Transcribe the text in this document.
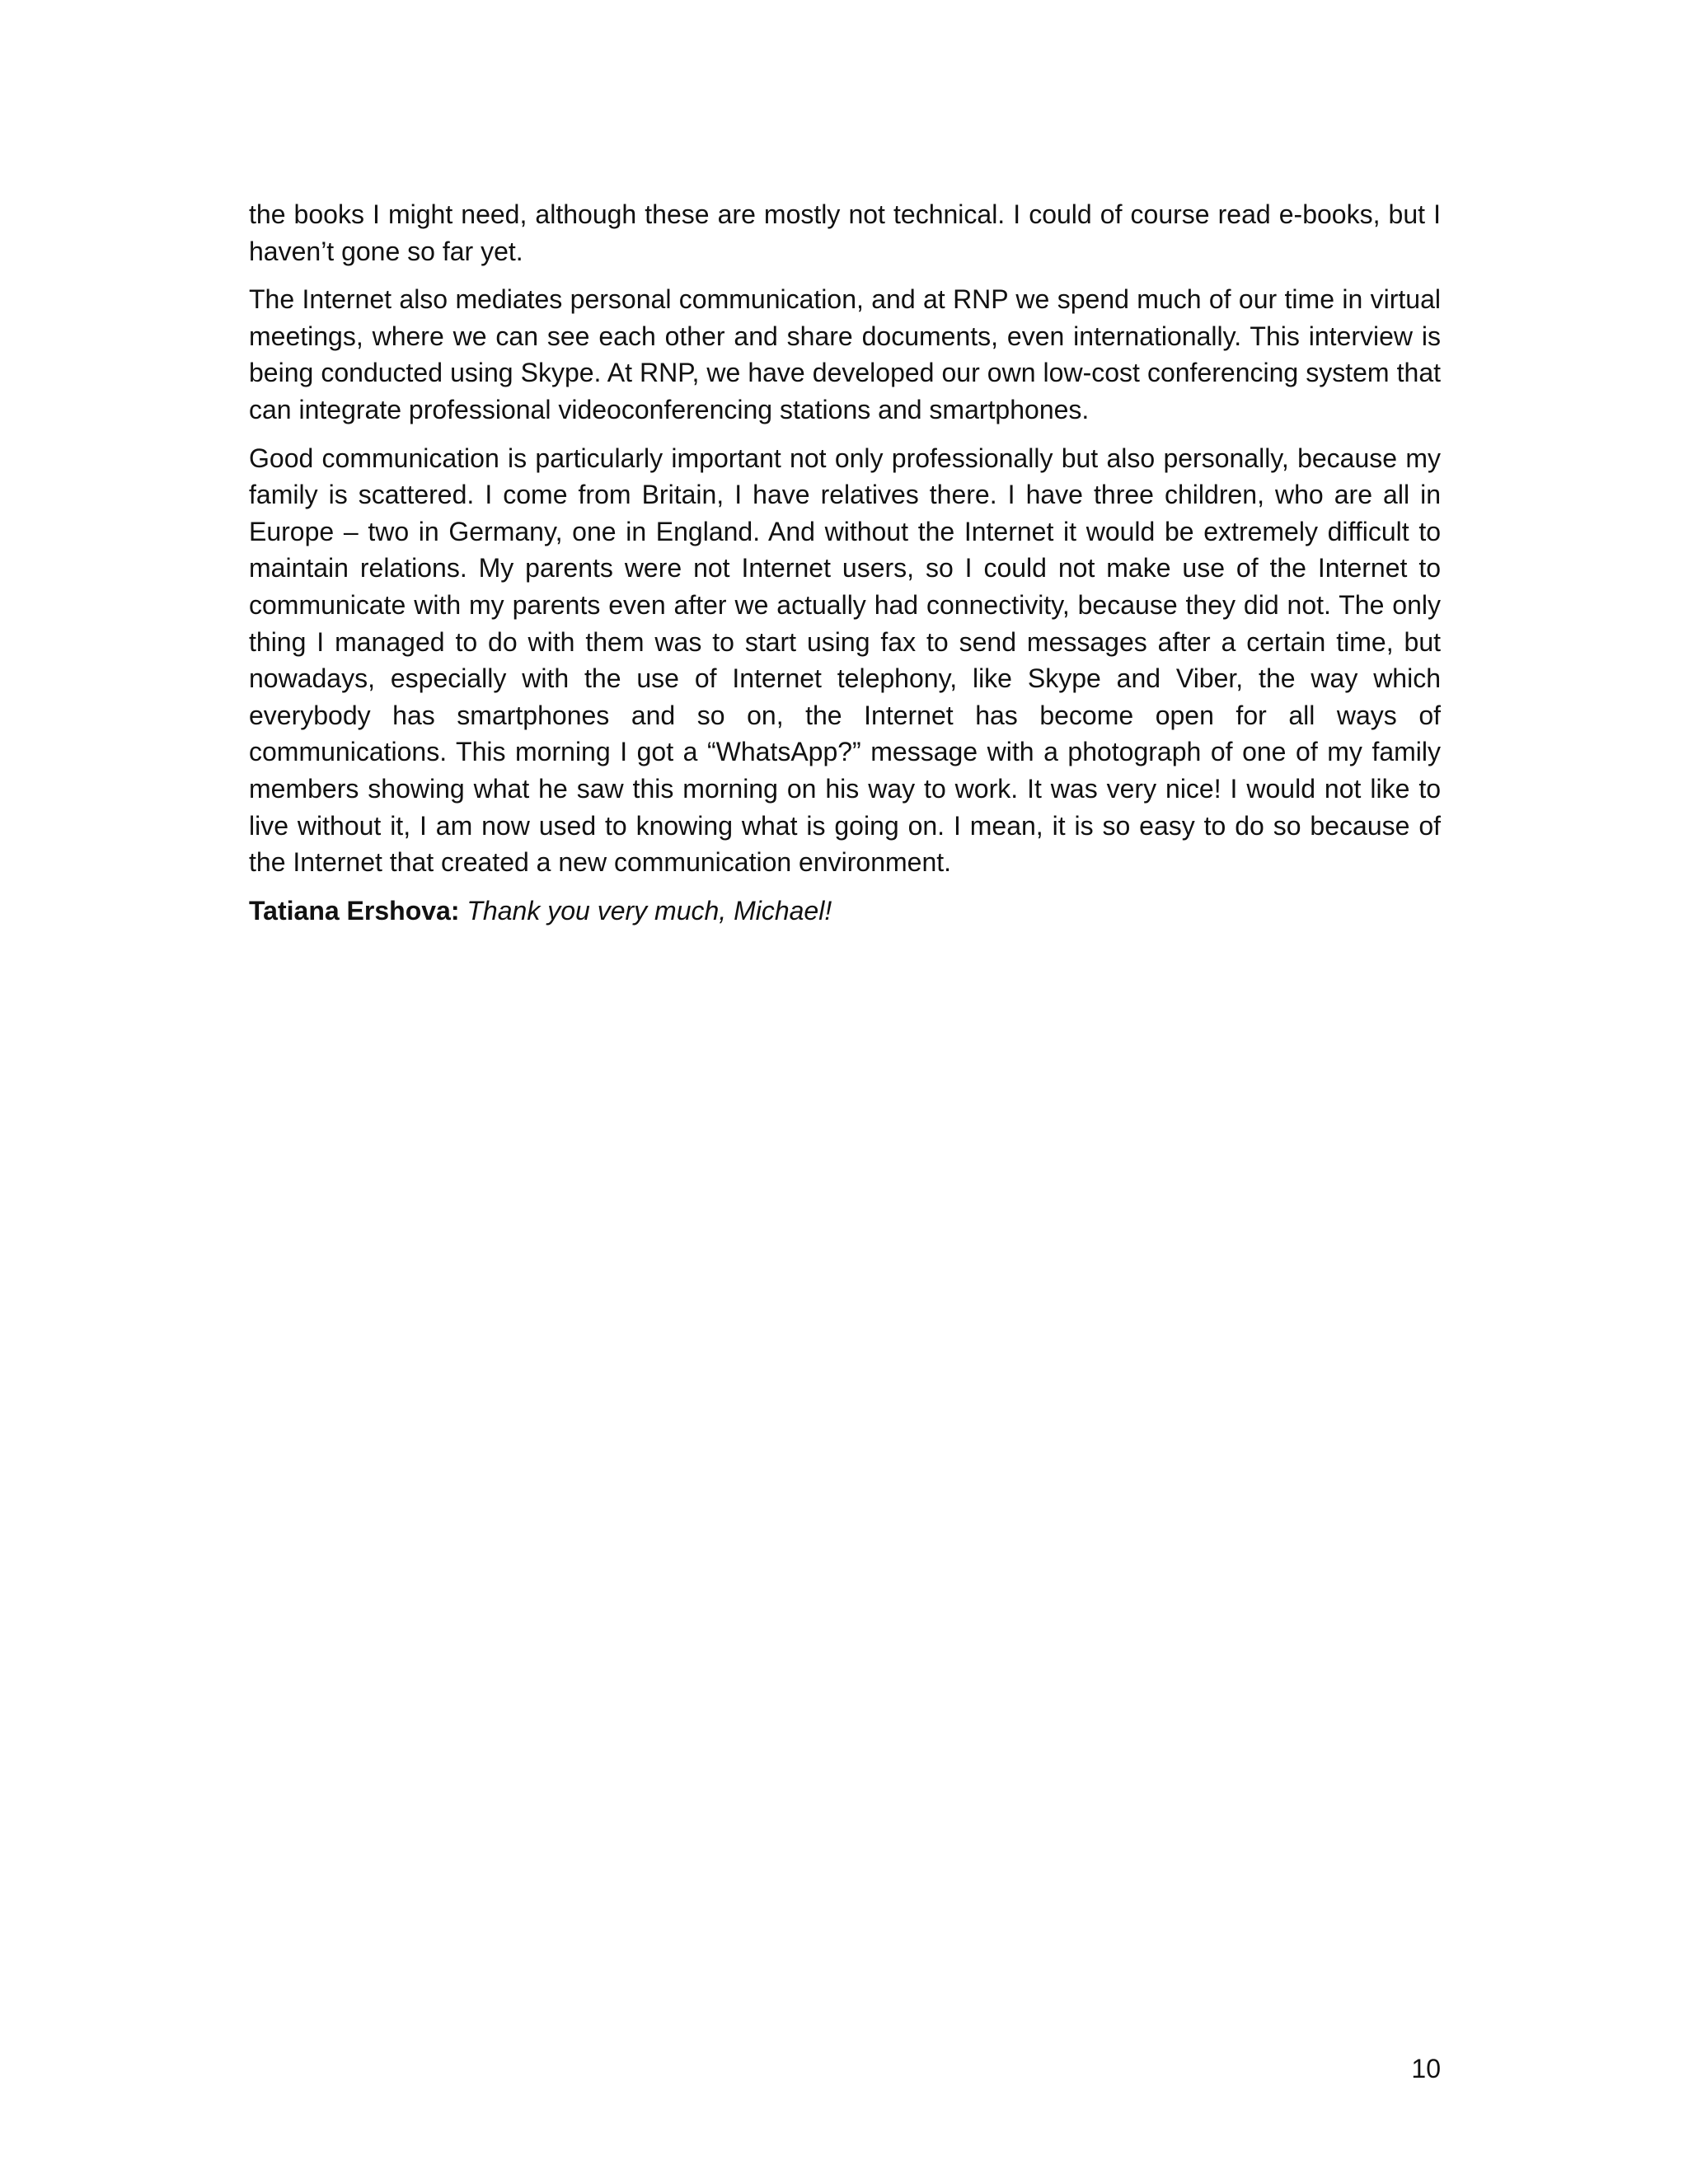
the books I might need, although these are mostly not technical. I could of course read e-books, but I haven’t gone so far yet.

The Internet also mediates personal communication, and at RNP we spend much of our time in virtual meetings, where we can see each other and share documents, even internationally. This interview is being conducted using Skype. At RNP, we have developed our own low-cost conferencing system that can integrate professional videoconferencing stations and smartphones.

Good communication is particularly important not only professionally but also personally, because my family is scattered. I come from Britain, I have relatives there. I have three children, who are all in Europe – two in Germany, one in England. And without the Internet it would be extremely difficult to maintain relations. My parents were not Internet users, so I could not make use of the Internet to communicate with my parents even after we actually had connectivity, because they did not. The only thing I managed to do with them was to start using fax to send messages after a certain time, but nowadays, especially with the use of Internet telephony, like Skype and Viber, the way which everybody has smartphones and so on, the Internet has become open for all ways of communications. This morning I got a “WhatsApp?” message with a photograph of one of my family members showing what he saw this morning on his way to work. It was very nice! I would not like to live without it, I am now used to knowing what is going on. I mean, it is so easy to do so because of the Internet that created a new communication environment.

Tatiana Ershova: Thank you very much, Michael!

10
